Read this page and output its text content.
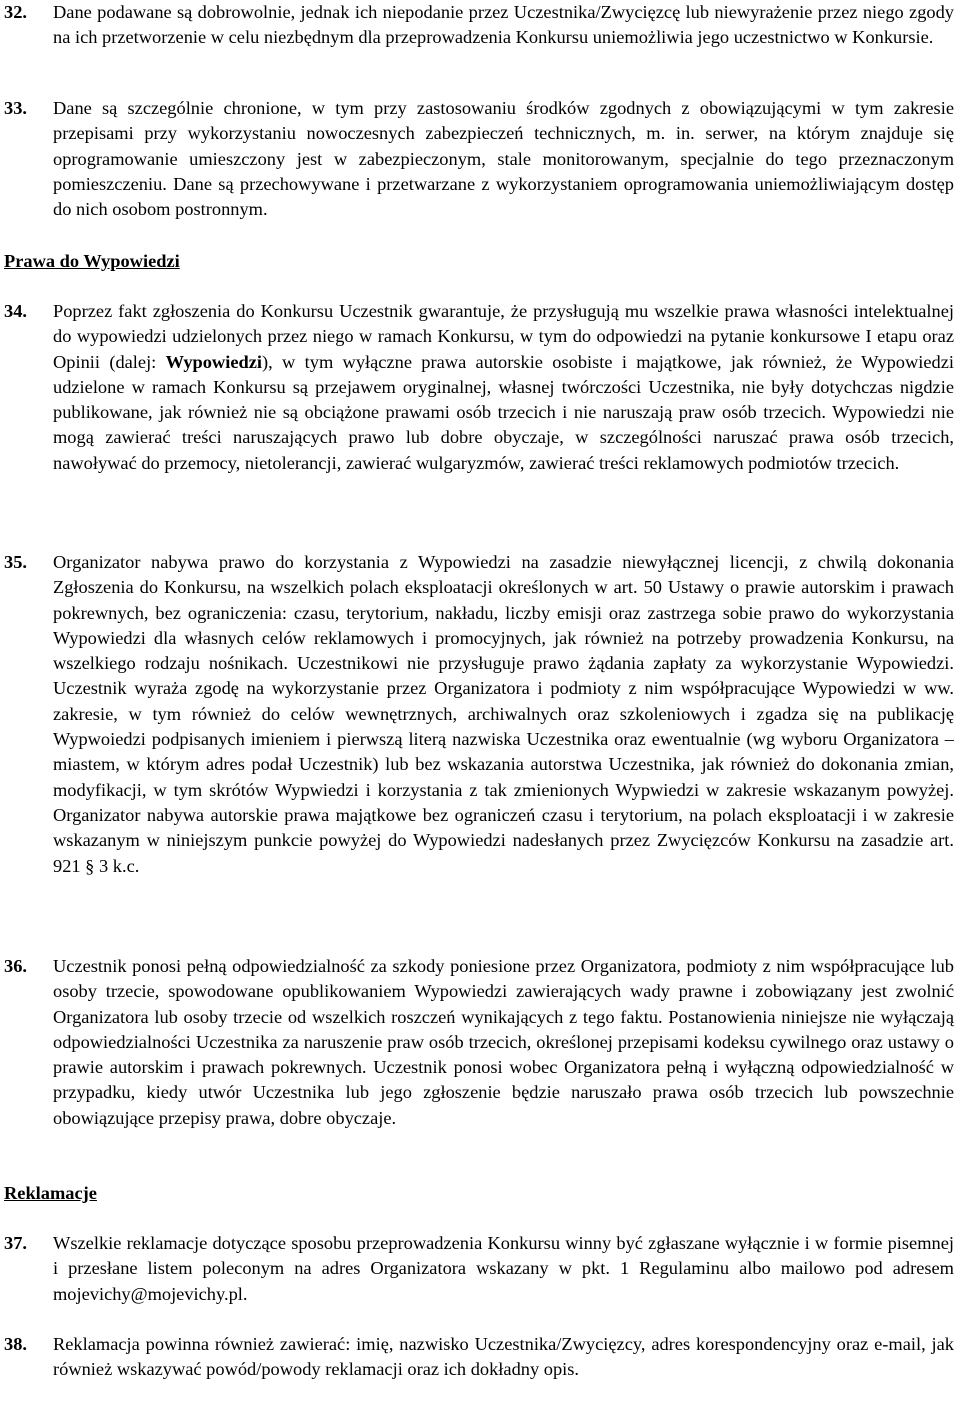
32. Dane podawane są dobrowolnie, jednak ich niepodanie przez Uczestnika/Zwycięzcę lub niewyrażenie przez niego zgody na ich przetworzenie w celu niezbędnym dla przeprowadzenia Konkursu uniemożliwia jego uczestnictwo w Konkursie.
33. Dane są szczególnie chronione, w tym przy zastosowaniu środków zgodnych z obowiązującymi w tym zakresie przepisami przy wykorzystaniu nowoczesnych zabezpieczeń technicznych, m. in. serwer, na którym znajduje się oprogramowanie umieszczony jest w zabezpieczonym, stale monitorowanym, specjalnie do tego przeznaczonym pomieszczeniu. Dane są przechowywane i przetwarzane z wykorzystaniem oprogramowania uniemożliwiającym dostęp do nich osobom postronnym.
Prawa do Wypowiedzi
34. Poprzez fakt zgłoszenia do Konkursu Uczestnik gwarantuje, że przysługują mu wszelkie prawa własności intelektualnej do wypowiedzi udzielonych przez niego w ramach Konkursu, w tym do odpowiedzi na pytanie konkursowe I etapu oraz Opinii (dalej: Wypowiedzi), w tym wyłączne prawa autorskie osobiste i majątkowe, jak również, że Wypowiedzi udzielone w ramach Konkursu są przejawem oryginalnej, własnej twórczości Uczestnika, nie były dotychczas nigdzie publikowane, jak również nie są obciążone prawami osób trzecich i nie naruszają praw osób trzecich. Wypowiedzi nie mogą zawierać treści naruszających prawo lub dobre obyczaje, w szczególności naruszać prawa osób trzecich, nawoływać do przemocy, nietolerancji, zawierać wulgaryzmów, zawierać treści reklamowych podmiotów trzecich.
35. Organizator nabywa prawo do korzystania z Wypowiedzi na zasadzie niewyłącznej licencji, z chwilą dokonania Zgłoszenia do Konkursu, na wszelkich polach eksploatacji określonych w art. 50 Ustawy o prawie autorskim i prawach pokrewnych, bez ograniczenia: czasu, terytorium, nakładu, liczby emisji oraz zastrzega sobie prawo do wykorzystania Wypowiedzi dla własnych celów reklamowych i promocyjnych, jak również na potrzeby prowadzenia Konkursu, na wszelkiego rodzaju nośnikach. Uczestnikowi nie przysługuje prawo żądania zapłaty za wykorzystanie Wypowiedzi. Uczestnik wyraża zgodę na wykorzystanie przez Organizatora i podmioty z nim współpracujące Wypowiedzi w ww. zakresie, w tym również do celów wewnętrznych, archiwalnych oraz szkoleniowych i zgadza się na publikację Wypwoiedzi podpisanych imieniem i pierwszą literą nazwiska Uczestnika oraz ewentualnie (wg wyboru Organizatora – miastem, w którym adres podał Uczestnik) lub bez wskazania autorstwa Uczestnika, jak również do dokonania zmian, modyfikacji, w tym skrótów Wypwiedzi i korzystania z tak zmienionych Wypwiedzi w zakresie wskazanym powyżej. Organizator nabywa autorskie prawa majątkowe bez ograniczeń czasu i terytorium, na polach eksploatacji i w zakresie wskazanym w niniejszym punkcie powyżej do Wypowiedzi nadesłanych przez Zwycięzców Konkursu na zasadzie art. 921 § 3 k.c.
36. Uczestnik ponosi pełną odpowiedzialność za szkody poniesione przez Organizatora, podmioty z nim współpracujące lub osoby trzecie, spowodowane opublikowaniem Wypowiedzi zawierających wady prawne i zobowiązany jest zwolnić Organizatora lub osoby trzecie od wszelkich roszczeń wynikających z tego faktu. Postanowienia niniejsze nie wyłączają odpowiedzialności Uczestnika za naruszenie praw osób trzecich, określonej przepisami kodeksu cywilnego oraz ustawy o prawie autorskim i prawach pokrewnych. Uczestnik ponosi wobec Organizatora pełną i wyłączną odpowiedzialność w przypadku, kiedy utwór Uczestnika lub jego zgłoszenie będzie naruszało prawa osób trzecich lub powszechnie obowiązujące przepisy prawa, dobre obyczaje.
Reklamacje
37. Wszelkie reklamacje dotyczące sposobu przeprowadzenia Konkursu winny być zgłaszane wyłącznie i w formie pisemnej i przesłane listem poleconym na adres Organizatora wskazany w pkt. 1 Regulaminu albo mailowo pod adresem mojevichy@mojevichy.pl.
38. Reklamacja powinna również zawierać: imię, nazwisko Uczestnika/Zwycięzcy, adres korespondencyjny oraz e-mail, jak również wskazywać powód/powody reklamacji oraz ich dokładny opis.
